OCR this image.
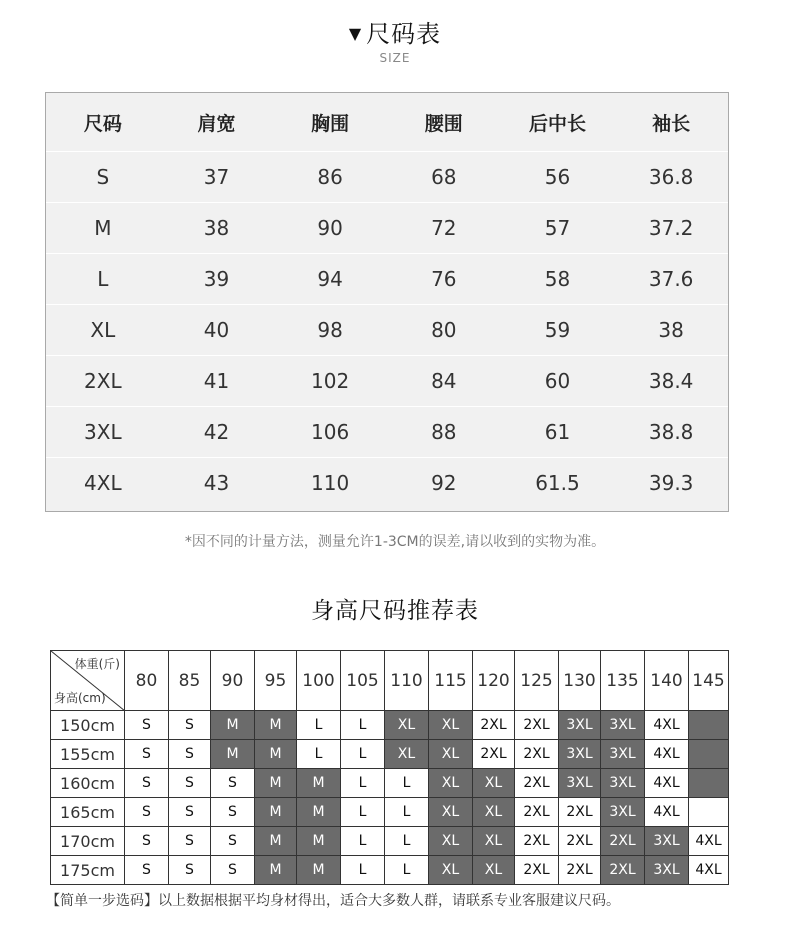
▼ 尺码表
SIZE
尺码	肩宽	胸围	腰围	后中长	袖长
S	37	86	68	56	36.8
M	38	90	72	57	37.2
L	39	94	76	58	37.6
XL	40	98	80	59	38
2XL	41	102	84	60	38.4
3XL	42	106	88	61	38.8
4XL	43	110	92	61.5	39.3
*因不同的计量方法，测量允许1-3CM的误差,请以收到的实物为准。
身高尺码推荐表
体重(斤)
身高(cm)	80	85	90	95	100	105	110	115	120	125	130	135	140	145
150cm	S	S	M	M	L	L	XL	XL	2XL	2XL	3XL	3XL	4XL	
155cm	S	S	M	M	L	L	XL	XL	2XL	2XL	3XL	3XL	4XL	
160cm	S	S	S	M	M	L	L	XL	XL	2XL	3XL	3XL	4XL	
165cm	S	S	S	M	M	L	L	XL	XL	2XL	2XL	3XL	4XL	
170cm	S	S	S	M	M	L	L	XL	XL	2XL	2XL	2XL	3XL	4XL
175cm	S	S	S	M	M	L	L	XL	XL	2XL	2XL	2XL	3XL	4XL
【简单一步选码】以上数据根据平均身材得出，适合大多数人群，请联系专业客服建议尺码。
